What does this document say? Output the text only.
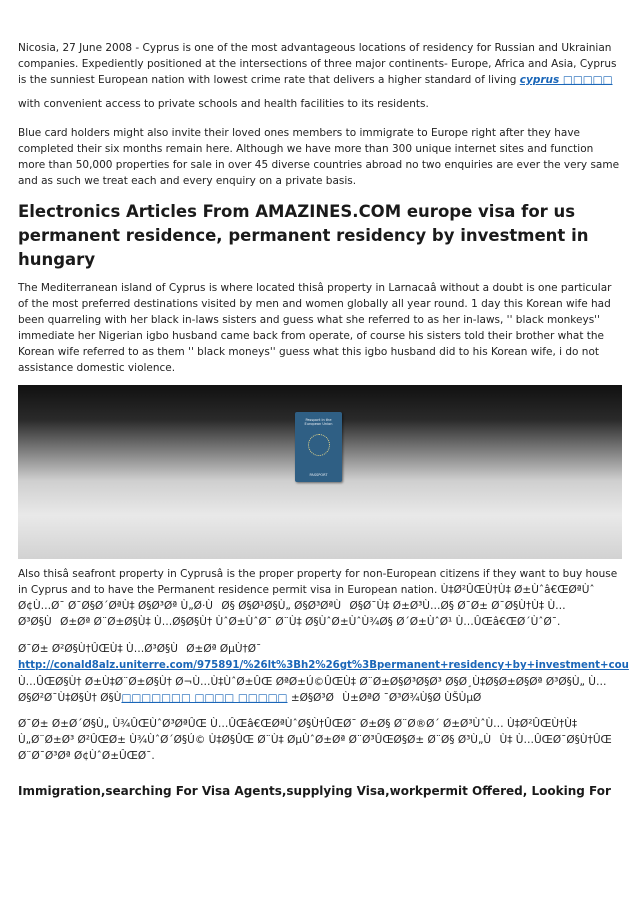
Nicosia, 27 June 2008 - Cyprus is one of the most advantageous locations of residency for Russian and Ukrainian companies. Expediently positioned at the intersections of three major continents- Europe, Africa and Asia, Cyprus is the sunniest European nation with lowest crime rate that delivers a higher standard of living cyprus □□□□□

with convenient access to private schools and health facilities to its residents.

Blue card holders might also invite their loved ones members to immigrate to Europe right after they have completed their six months remain here. Although we have more than 300 unique internet sites and function more than 50,000 properties for sale in over 45 diverse countries abroad no two enquiries are ever the very same and as such we treat each and every enquiry on a private basis.

Electronics Articles From AMAZINES.COM europe visa for us permanent residence, permanent residency by investment in hungary

The Mediterranean island of Cyprus is where located thisâ property in Larnacaâ without a doubt is one particular of the most preferred destinations visited by men and women globally all year round. 1 day this Korean wife had been quarreling with her black in-laws sisters and guess what she referred to as her in-laws, '' black monkeys'' immediate her Nigerian igbo husband came back from operate, of course his sisters told their brother what the Korean wife referred to as them '' black moneys'' guess what this igbo husband did to his Korean wife, i do not assistance domestic violence.

Passport in the European Union
PASSPORT

Also thisâ seafront property in Cyprusâ is the proper property for non-European citizens if they want to buy house in Cyprus and to have the Permanent residence permit visa in European nation. Ù‡Ø²ÛŒÙ†Ù‡ Ø±Ùˆâ€ŒØªÙˆ Ø¢Ù…Ø¯ Ø¯Ø§Ø´ØªÙ‡ Ø§Ø³Øª Ù„Ø·ÙØ§ Ø§Ø¹Ø§Ù„ Ø§Ø³ØªÙØ§Ø¯Ù‡ Ø±Ø³Ù…Ø§ Ø¯Ø± Ø¯Ø§Ù†Ù‡ Ù…Ø³Ø§ÙØ±Øª Ø¨Ø±Ø§Ù‡ Ù…Ø§Ø§Ù† ÙˆØ±ÙˆØ¯ Ø¨Ù‡ Ø§ÙˆØ±ÙˆÙ¾Ø§ Ø´Ø±ÙˆØ¹ Ù…ÛŒâ€ŒØ´ÙˆØ¯.

Ø¯Ø± Ø²Ø§Ù†ÛŒÙ‡ Ù…Ø³Ø§ÙØ±Øª ØµÙ†Ø¯
http://conald8alz.uniterre.com/975891/%26lt%3Bh2%26gt%3Bpermanent+residency+by+investment+cou
Ù…ÛŒØ§Ù† Ø±Ù‡Ø¨Ø±Ø§Ù† Ø¬Ù…Ù‡ÙˆØ±ÛŒ ØªØ±Ú©ÛŒÙ‡ Ø¨Ø±Ø§Ø³Ø§Ø³ Ø§Ø¸Ù‡Ø§Ø±Ø§Øª Ø³Ø§Ù„ Ù…Ø§Ø²Ø¯Ù‡Ø§Ù† Ø§Ù‮ØµÙŠÙ‮ Ø§Ù¾Ø³Ø¯ ØªØ±ÙØ³Ø§Ø± □□□□□ □□□□ □□□□□□□

Ø¯Ø± Ø±Ø´Ø§Ù„ Ù¾ÛŒÙˆØ³ØªÛŒ Ù…ÛŒâ€ŒØªÙˆØ§Ù†ÛŒØ¯ Ø±Ø§ Ø¨Ø®Ø´ Ø±Ø³ÙˆÙ… Ù‡Ø²ÛŒÙ†Ù‡ Ù„Ø¨Ø±Ø³ Ø²ÛŒØ± Ù¾ÙˆØ´Ø§Ú© Ù‡Ø§ÛŒ Ø¨Ù‡ ØµÙˆØ±Øª Ø¨Ø³ÛŒØ§Ø± Ø¨Ø§ Ø³Ù„ÙÙ‡ Ù…ÛŒØ¯Ø§Ù†ÛŒ Ø¨Ø¯Ø³Øª Ø¢ÙˆØ±ÛŒØ¯.

Immigration,searching For Visa Agents,supplying Visa,workpermit Offered, Looking For
